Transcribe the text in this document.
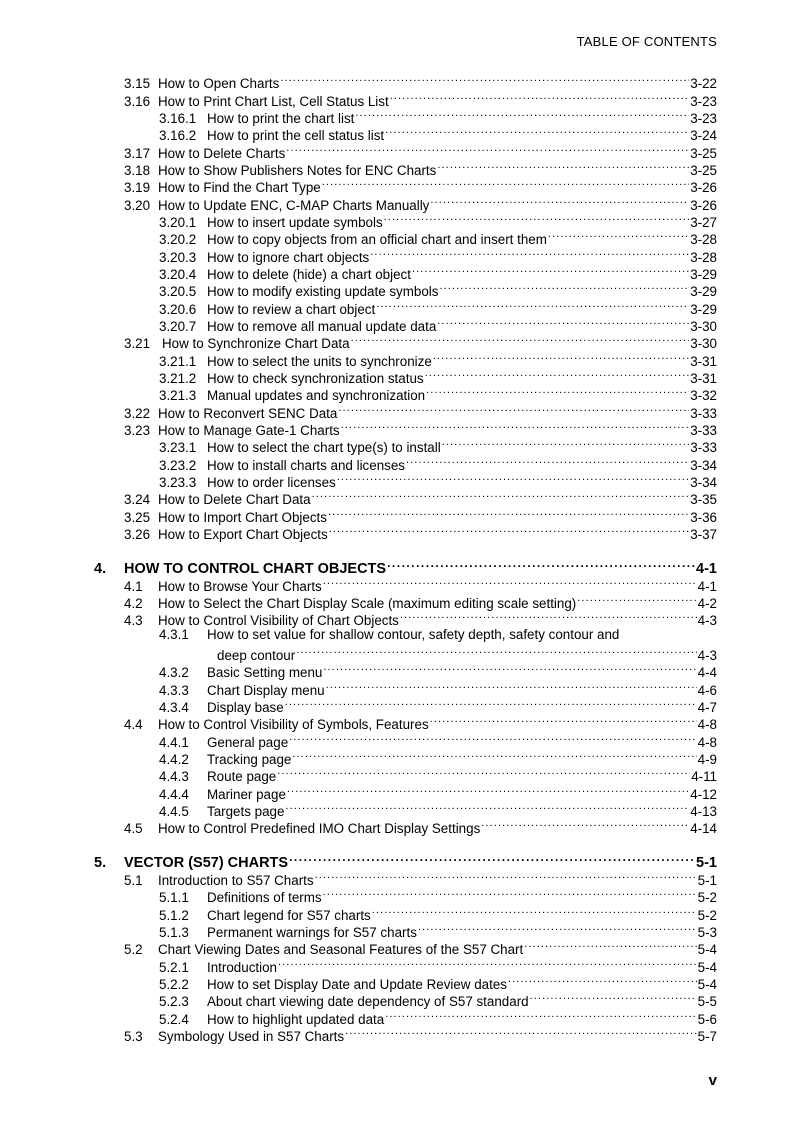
TABLE OF CONTENTS
3.15 How to Open Charts .....	3-22
3.16 How to Print Chart List, Cell Status List .....	3-23
3.16.1 How to print the chart list .....	3-23
3.16.2 How to print the cell status list .....	3-24
3.17 How to Delete Charts .....	3-25
3.18 How to Show Publishers Notes for ENC Charts .....	3-25
3.19 How to Find the Chart Type .....	3-26
3.20 How to Update ENC, C-MAP Charts Manually .....	3-26
3.20.1 How to insert update symbols .....	3-27
3.20.2 How to copy objects from an official chart and insert them .....	3-28
3.20.3 How to ignore chart objects .....	3-28
3.20.4 How to delete (hide) a chart object .....	3-29
3.20.5 How to modify existing update symbols .....	3-29
3.20.6 How to review a chart object .....	3-29
3.20.7 How to remove all manual update data .....	3-30
3.21 How to Synchronize Chart Data .....	3-30
3.21.1 How to select the units to synchronize .....	3-31
3.21.2 How to check synchronization status .....	3-31
3.21.3 Manual updates and synchronization .....	3-32
3.22 How to Reconvert SENC Data .....	3-33
3.23 How to Manage Gate-1 Charts .....	3-33
3.23.1 How to select the chart type(s) to install .....	3-33
3.23.2 How to install charts and licenses .....	3-34
3.23.3 How to order licenses .....	3-34
3.24 How to Delete Chart Data .....	3-35
3.25 How to Import Chart Objects .....	3-36
3.26 How to Export Chart Objects .....	3-37
4.	HOW TO CONTROL CHART OBJECTS .....	4-1
4.1	How to Browse Your Charts .....	4-1
4.2	How to Select the Chart Display Scale (maximum editing scale setting) .....	4-2
4.3	How to Control Visibility of Chart Objects .....	4-3
4.3.1	How to set value for shallow contour, safety depth, safety contour and
deep contour .....	4-3
4.3.2	Basic Setting menu .....	4-4
4.3.3	Chart Display menu .....	4-6
4.3.4	Display base .....	4-7
4.4	How to Control Visibility of Symbols, Features .....	4-8
4.4.1	General page .....	4-8
4.4.2	Tracking page .....	4-9
4.4.3	Route page .....	4-11
4.4.4	Mariner page .....	4-12
4.4.5	Targets page .....	4-13
4.5	How to Control Predefined IMO Chart Display Settings .....	4-14
5.	VECTOR (S57) CHARTS .....	5-1
5.1	Introduction to S57 Charts .....	5-1
5.1.1	Definitions of terms .....	5-2
5.1.2	Chart legend for S57 charts .....	5-2
5.1.3	Permanent warnings for S57 charts .....	5-3
5.2	Chart Viewing Dates and Seasonal Features of the S57 Chart .....	5-4
5.2.1	Introduction .....	5-4
5.2.2	How to set Display Date and Update Review dates .....	5-4
5.2.3	About chart viewing date dependency of S57 standard .....	5-5
5.2.4	How to highlight updated data .....	5-6
5.3	Symbology Used in S57 Charts .....	5-7
v
